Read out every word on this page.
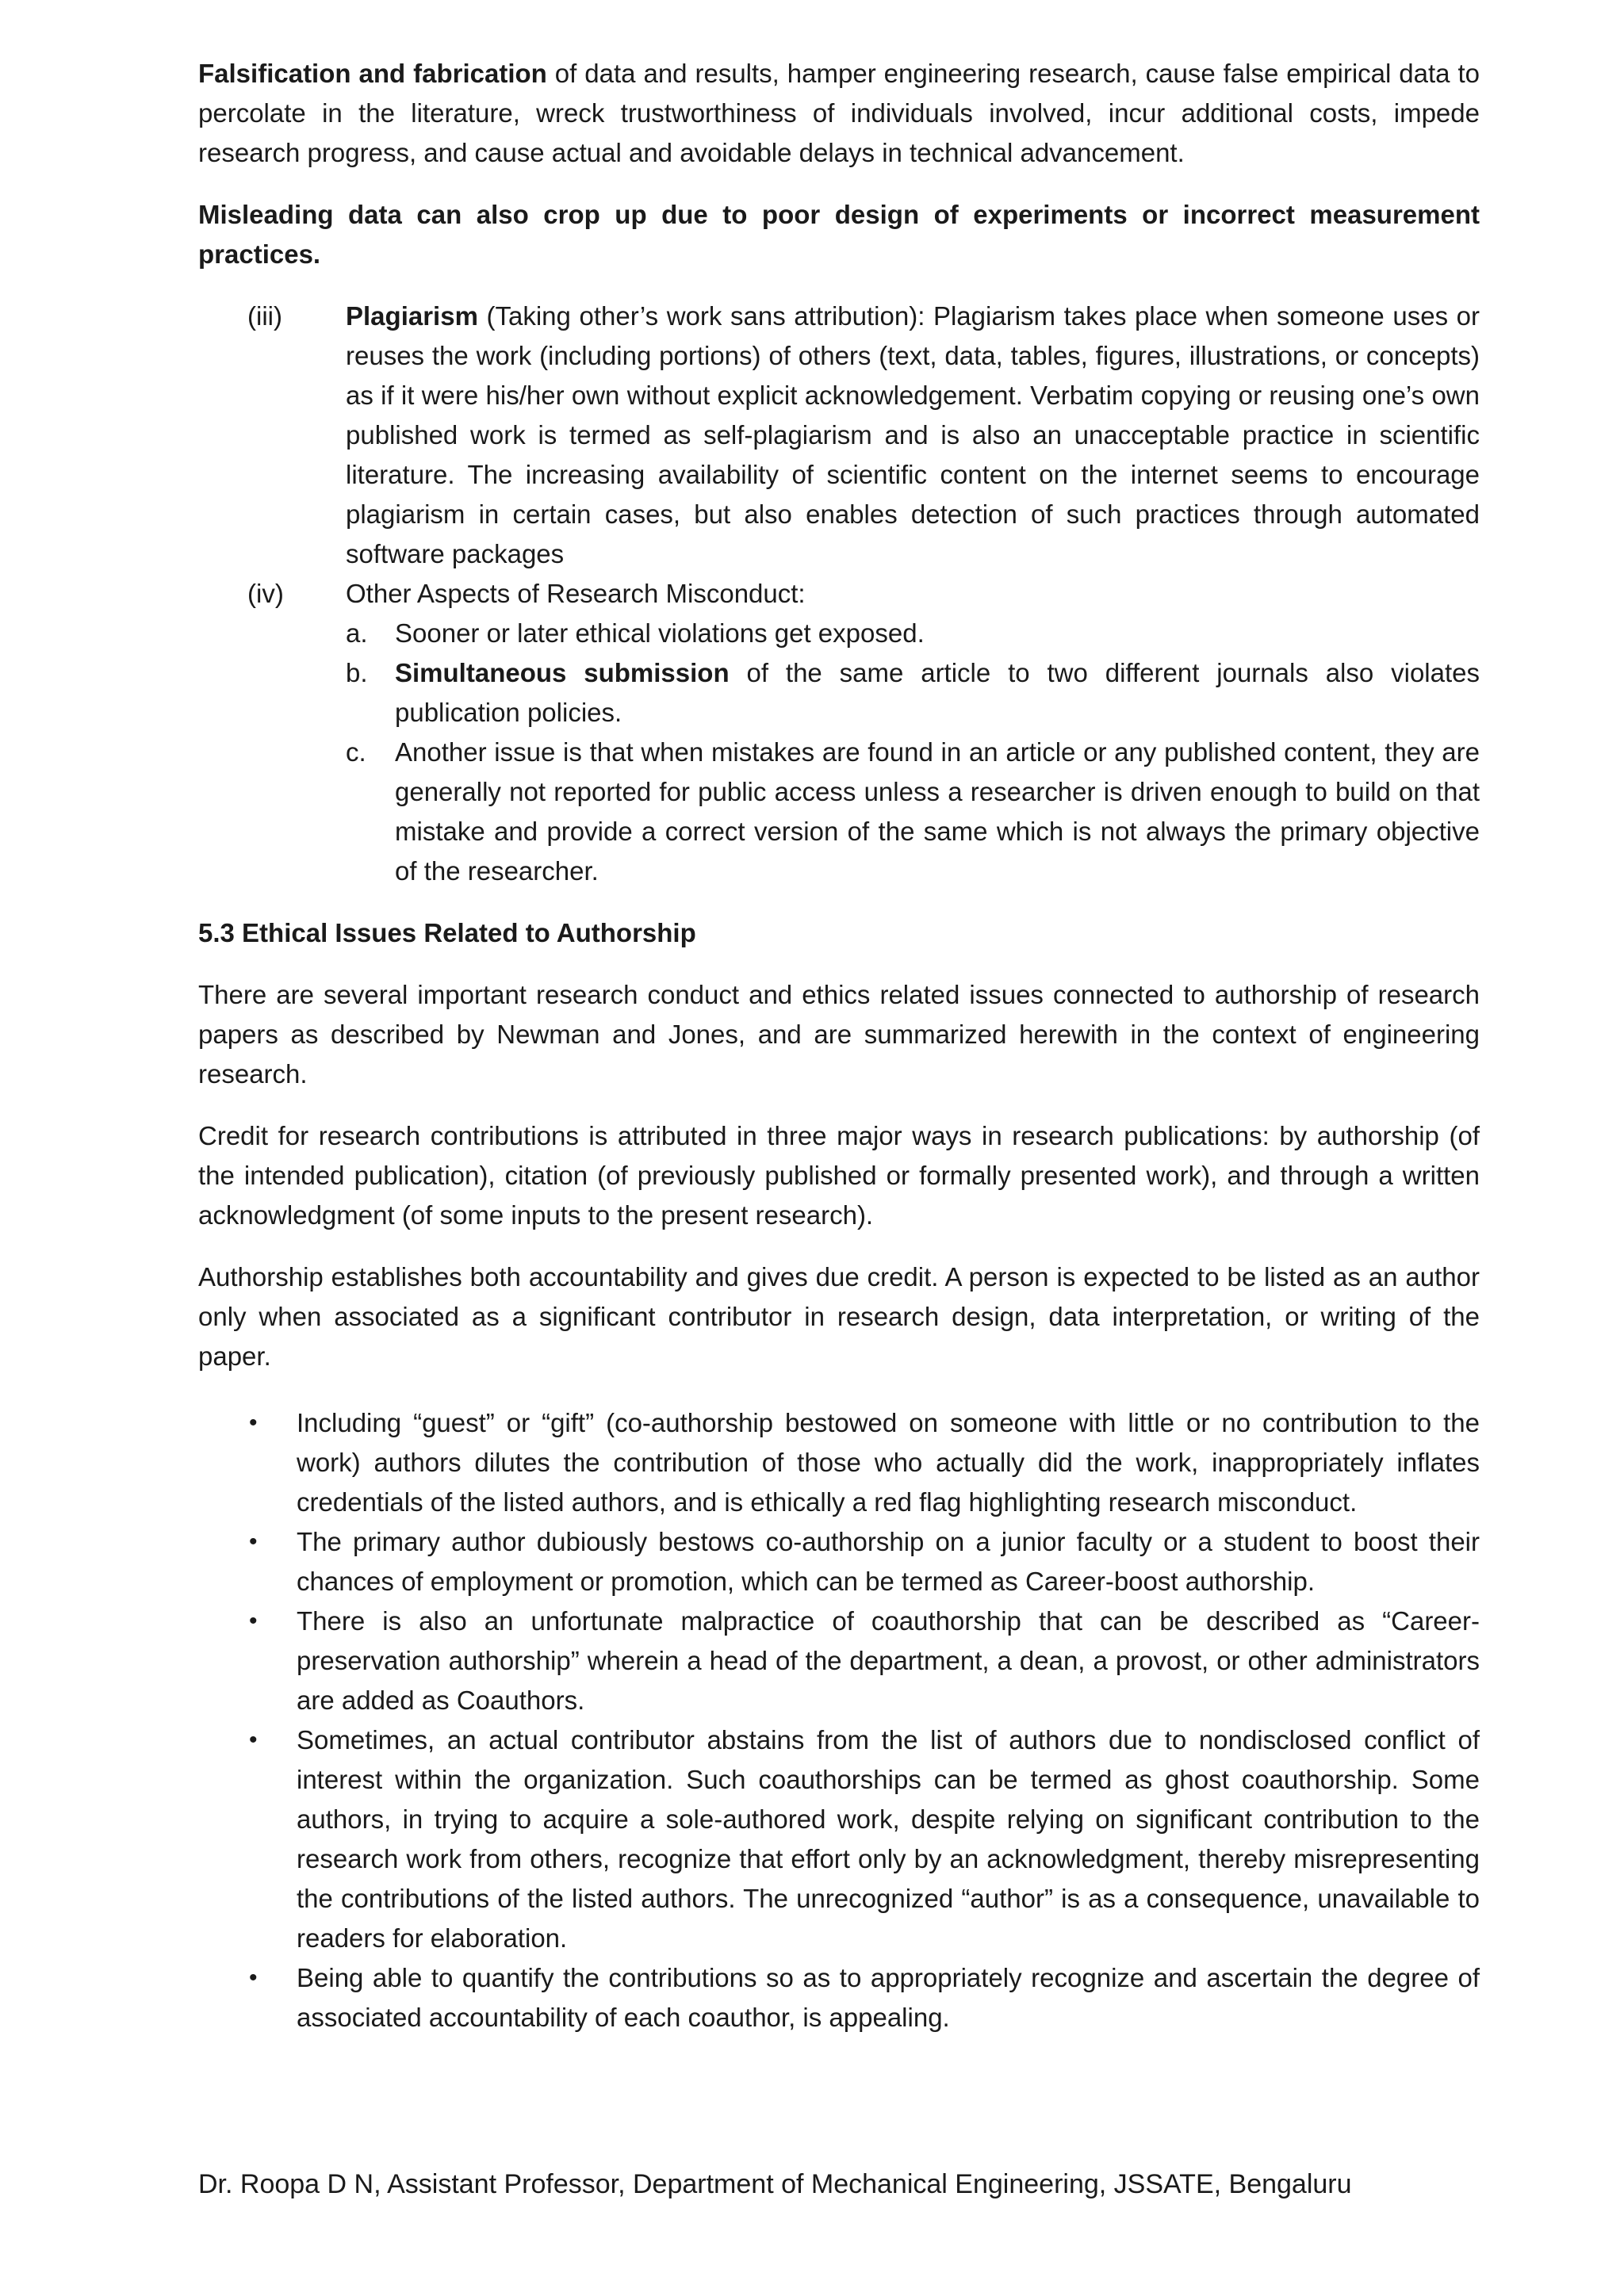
Falsification and fabrication of data and results, hamper engineering research, cause false empirical data to percolate in the literature, wreck trustworthiness of individuals involved, incur additional costs, impede research progress, and cause actual and avoidable delays in technical advancement.

Misleading data can also crop up due to poor design of experiments or incorrect measurement practices.

(iii) Plagiarism (Taking other’s work sans attribution): Plagiarism takes place when someone uses or reuses the work (including portions) of others (text, data, tables, figures, illustrations, or concepts) as if it were his/her own without explicit acknowledgement. Verbatim copying or reusing one’s own published work is termed as self-plagiarism and is also an unacceptable practice in scientific literature. The increasing availability of scientific content on the internet seems to encourage plagiarism in certain cases, but also enables detection of such practices through automated software packages

(iv) Other Aspects of Research Misconduct:

a. Sooner or later ethical violations get exposed.

b. Simultaneous submission of the same article to two different journals also violates publication policies.

c. Another issue is that when mistakes are found in an article or any published content, they are generally not reported for public access unless a researcher is driven enough to build on that mistake and provide a correct version of the same which is not always the primary objective of the researcher.

5.3 Ethical Issues Related to Authorship

There are several important research conduct and ethics related issues connected to authorship of research papers as described by Newman and Jones, and are summarized herewith in the context of engineering research.

Credit for research contributions is attributed in three major ways in research publications: by authorship (of the intended publication), citation (of previously published or formally presented work), and through a written acknowledgment (of some inputs to the present research).

Authorship establishes both accountability and gives due credit. A person is expected to be listed as an author only when associated as a significant contributor in research design, data interpretation, or writing of the paper.

• Including “guest” or “gift” (co-authorship bestowed on someone with little or no contribution to the work) authors dilutes the contribution of those who actually did the work, inappropriately inflates credentials of the listed authors, and is ethically a red flag highlighting research misconduct.

• The primary author dubiously bestows co-authorship on a junior faculty or a student to boost their chances of employment or promotion, which can be termed as Career-boost authorship.

• There is also an unfortunate malpractice of coauthorship that can be described as “Career-preservation authorship” wherein a head of the department, a dean, a provost, or other administrators are added as Coauthors.

• Sometimes, an actual contributor abstains from the list of authors due to nondisclosed conflict of interest within the organization. Such coauthorships can be termed as ghost coauthorship. Some authors, in trying to acquire a sole-authored work, despite relying on significant contribution to the research work from others, recognize that effort only by an acknowledgment, thereby misrepresenting the contributions of the listed authors. The unrecognized “author” is as a consequence, unavailable to readers for elaboration.

• Being able to quantify the contributions so as to appropriately recognize and ascertain the degree of associated accountability of each coauthor, is appealing.

Dr. Roopa D N, Assistant Professor, Department of Mechanical Engineering, JSSATE, Bengaluru
